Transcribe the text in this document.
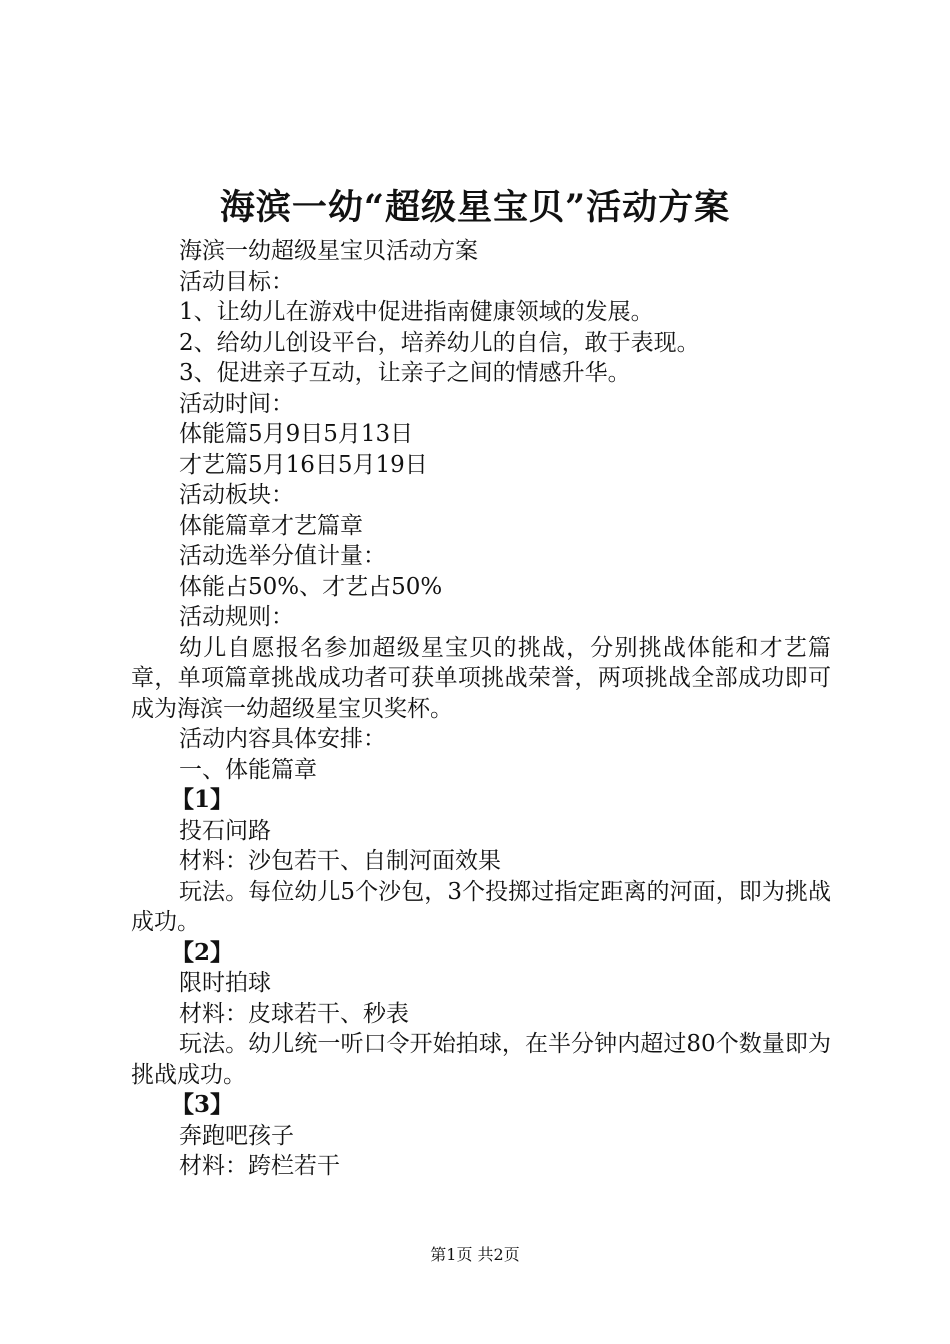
海滨一幼“超级星宝贝”活动方案

海滨一幼超级星宝贝活动方案

活动目标：

1、让幼儿在游戏中促进指南健康领域的发展。

2、给幼儿创设平台，培养幼儿的自信，敢于表现。

3、促进亲子互动，让亲子之间的情感升华。

活动时间：

体能篇5月9日5月13日

才艺篇5月16日5月19日

活动板块：

体能篇章才艺篇章

活动选举分值计量：

体能占50%、才艺占50%

活动规则：

幼儿自愿报名参加超级星宝贝的挑战，分别挑战体能和才艺篇章，单项篇章挑战成功者可获单项挑战荣誉，两项挑战全部成功即可成为海滨一幼超级星宝贝奖杯。

活动内容具体安排：

一、体能篇章

【1】

投石问路

材料：沙包若干、自制河面效果

玩法。每位幼儿5个沙包，3个投掷过指定距离的河面，即为挑战成功。

【2】

限时拍球

材料：皮球若干、秒表

玩法。幼儿统一听口令开始拍球，在半分钟内超过80个数量即为挑战成功。

【3】

奔跑吧孩子

材料：跨栏若干

第1页 共2页
